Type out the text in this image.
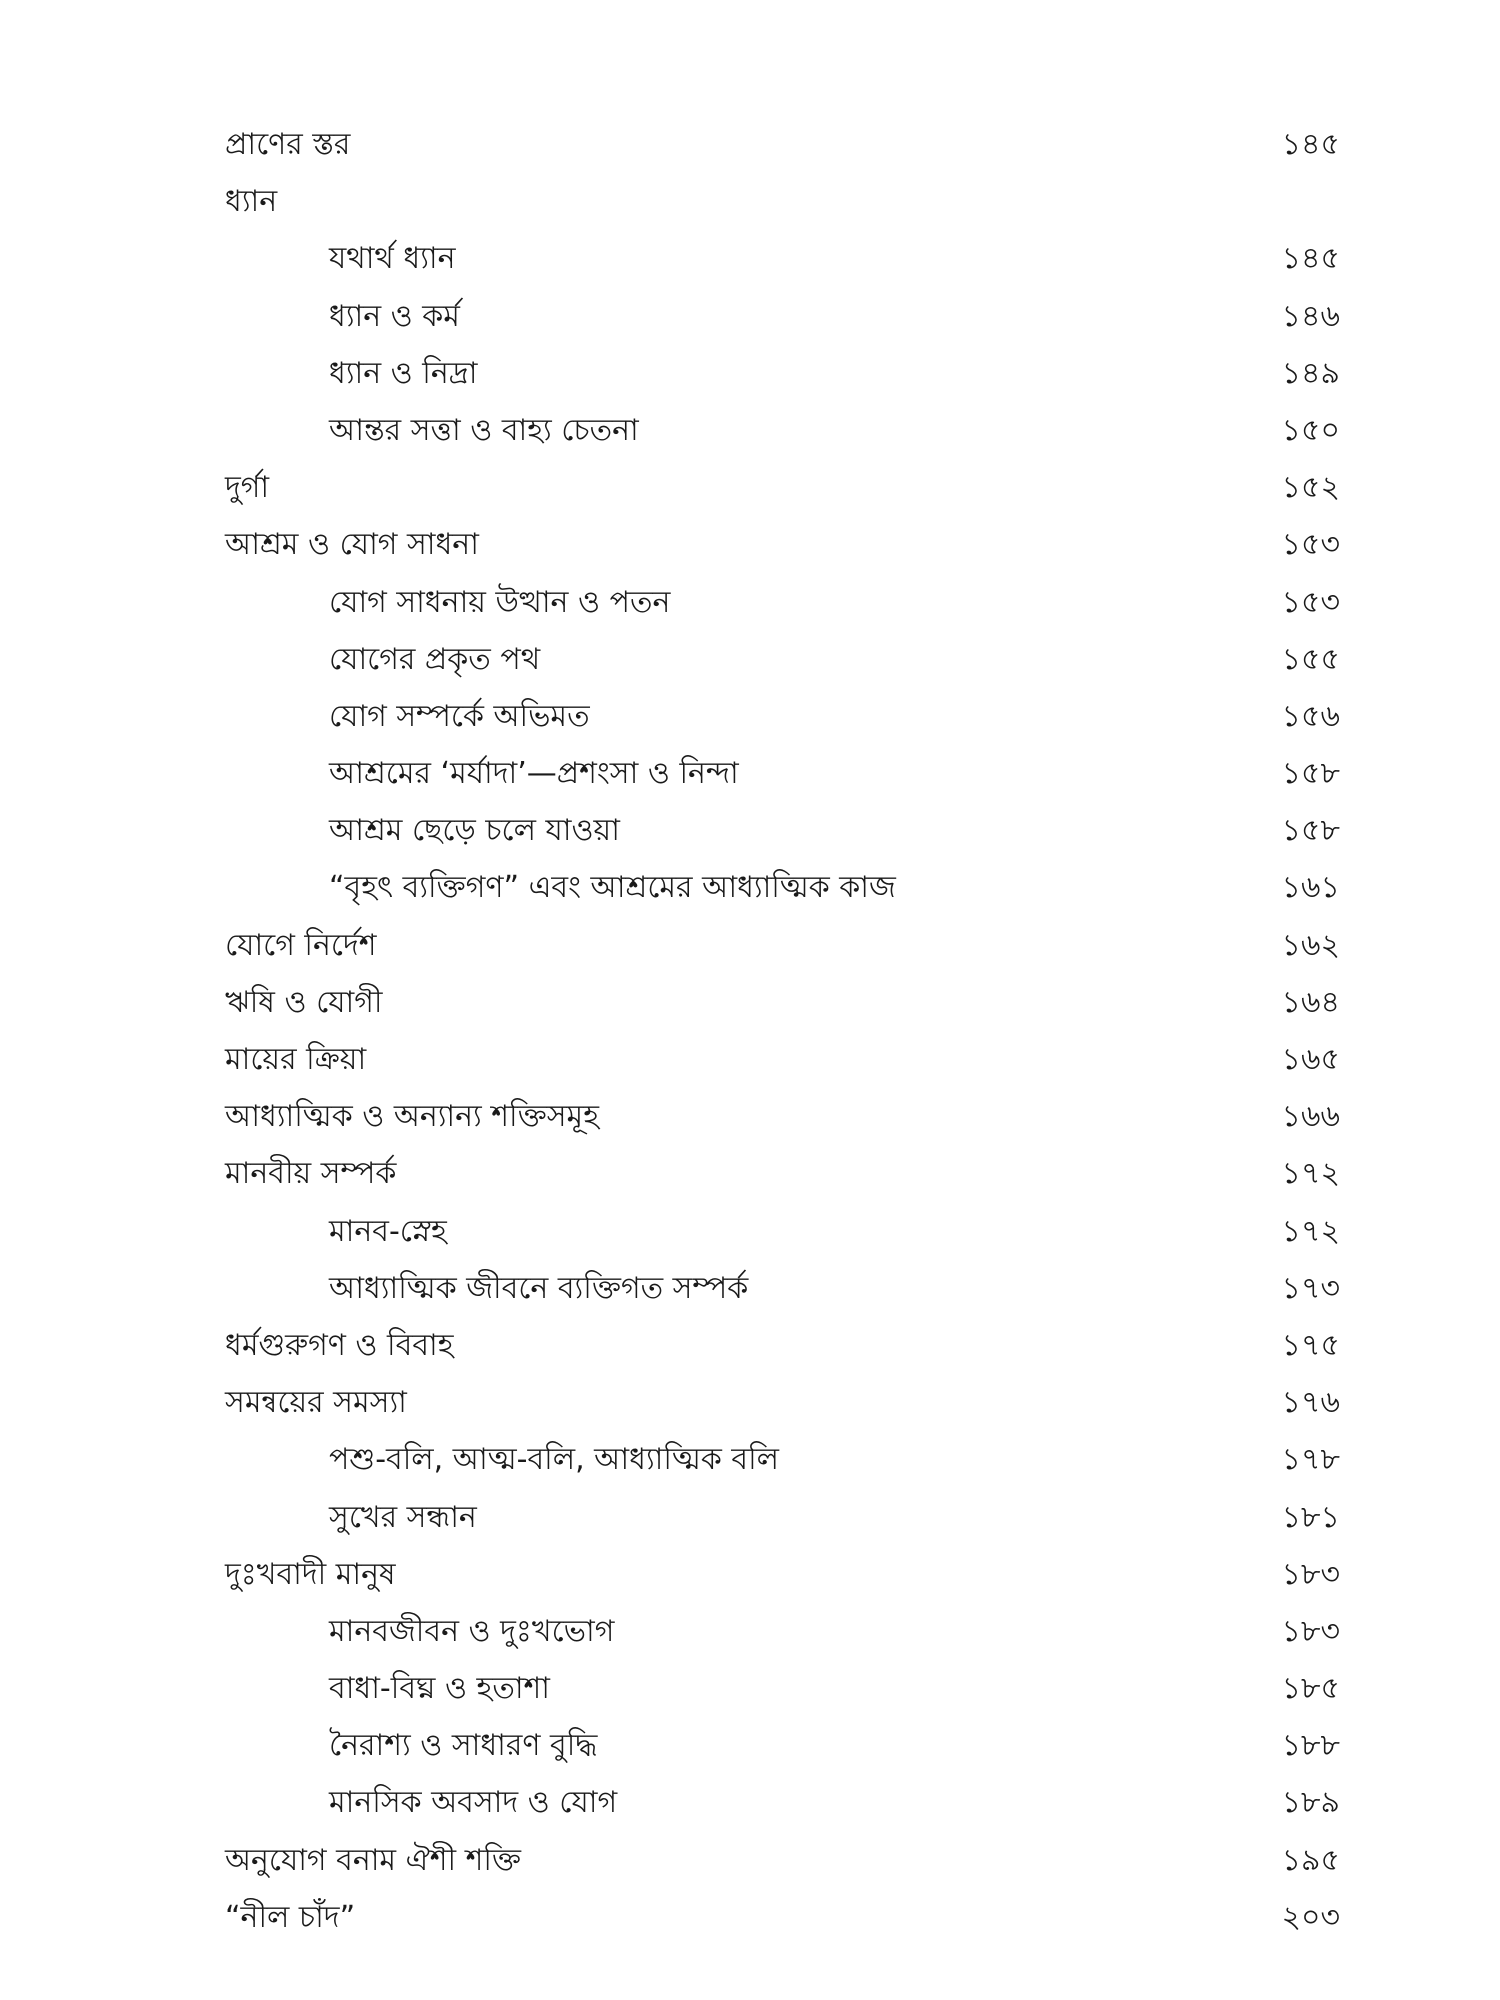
প্রাণের স্তর	১৪৫
ধ্যান
যথার্থ ধ্যান	১৪৫
ধ্যান ও কর্ম	১৪৬
ধ্যান ও নিদ্রা	১৪৯
আন্তর সত্তা ও বাহ্য চেতনা	১৫০
দুর্গা	১৫২
আশ্রম ও যোগ সাধনা	১৫৩
যোগ সাধনায় উত্থান ও পতন	১৫৩
যোগের প্রকৃত পথ	১৫৫
যোগ সম্পর্কে অভিমত	১৫৬
আশ্রমের ‘মর্যাদা’—প্রশংসা ও নিন্দা	১৫৮
আশ্রম ছেড়ে চলে যাওয়া	১৫৮
“বৃহৎ ব্যক্তিগণ” এবং আশ্রমের আধ্যাত্মিক কাজ	১৬১
যোগে নির্দেশ	১৬২
ঋষি ও যোগী	১৬৪
মায়ের ক্রিয়া	১৬৫
আধ্যাত্মিক ও অন্যান্য শক্তিসমূহ	১৬৬
মানবীয় সম্পর্ক	১৭২
মানব-স্নেহ	১৭২
আধ্যাত্মিক জীবনে ব্যক্তিগত সম্পর্ক	১৭৩
ধর্মগুরুগণ ও বিবাহ	১৭৫
সমন্বয়ের সমস্যা	১৭৬
পশু-বলি, আত্ম-বলি, আধ্যাত্মিক বলি	১৭৮
সুখের সন্ধান	১৮১
দুঃখবাদী মানুষ	১৮৩
মানবজীবন ও দুঃখভোগ	১৮৩
বাধা-বিঘ্ন ও হতাশা	১৮৫
নৈরাশ্য ও সাধারণ বুদ্ধি	১৮৮
মানসিক অবসাদ ও যোগ	১৮৯
অনুযোগ বনাম ঐশী শক্তি	১৯৫
“নীল চাঁদ”	২০৩
